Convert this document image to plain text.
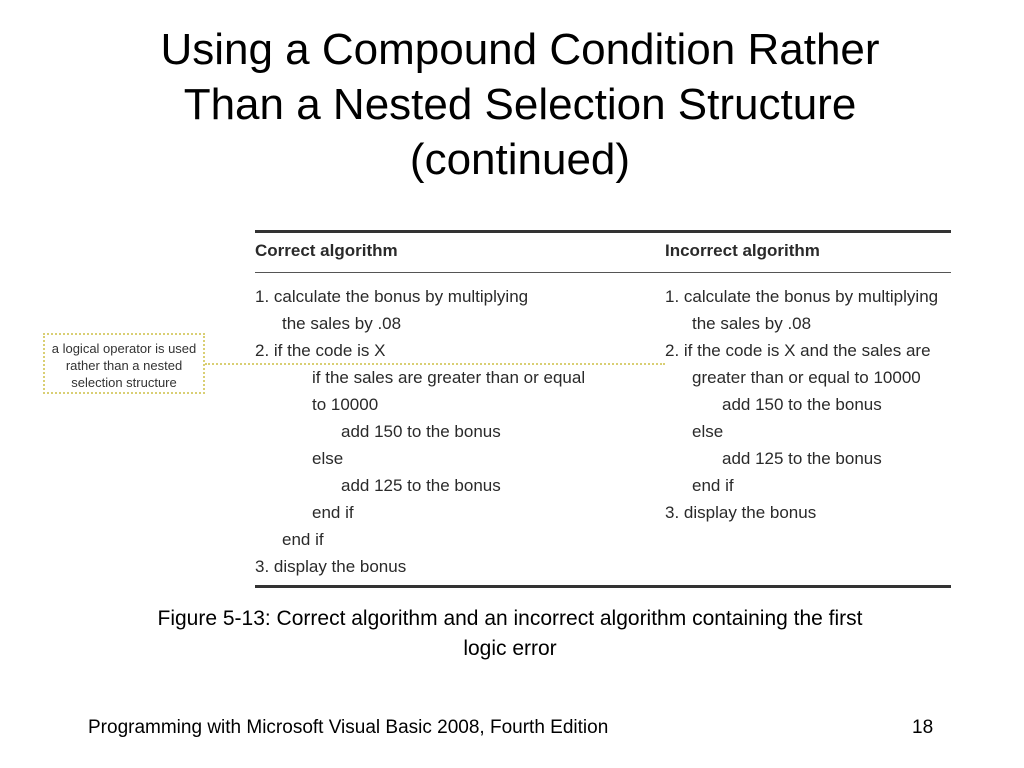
Using a Compound Condition Rather
Than a Nested Selection Structure
(continued)
a logical operator is used
rather than a nested
selection structure
Correct algorithm	Incorrect algorithm
1. calculate the bonus by multiplying
the sales by .08
2. if the code is X
if the sales are greater than or equal
to 10000
add 150 to the bonus
else
add 125 to the bonus
end if
end if
3. display the bonus
1. calculate the bonus by multiplying
the sales by .08
2. if the code is X and the sales are
greater than or equal to 10000
add 150 to the bonus
else
add 125 to the bonus
end if
3. display the bonus
Figure 5-13: Correct algorithm and an incorrect algorithm containing the first
logic error
Programming with Microsoft Visual Basic 2008, Fourth Edition	18
